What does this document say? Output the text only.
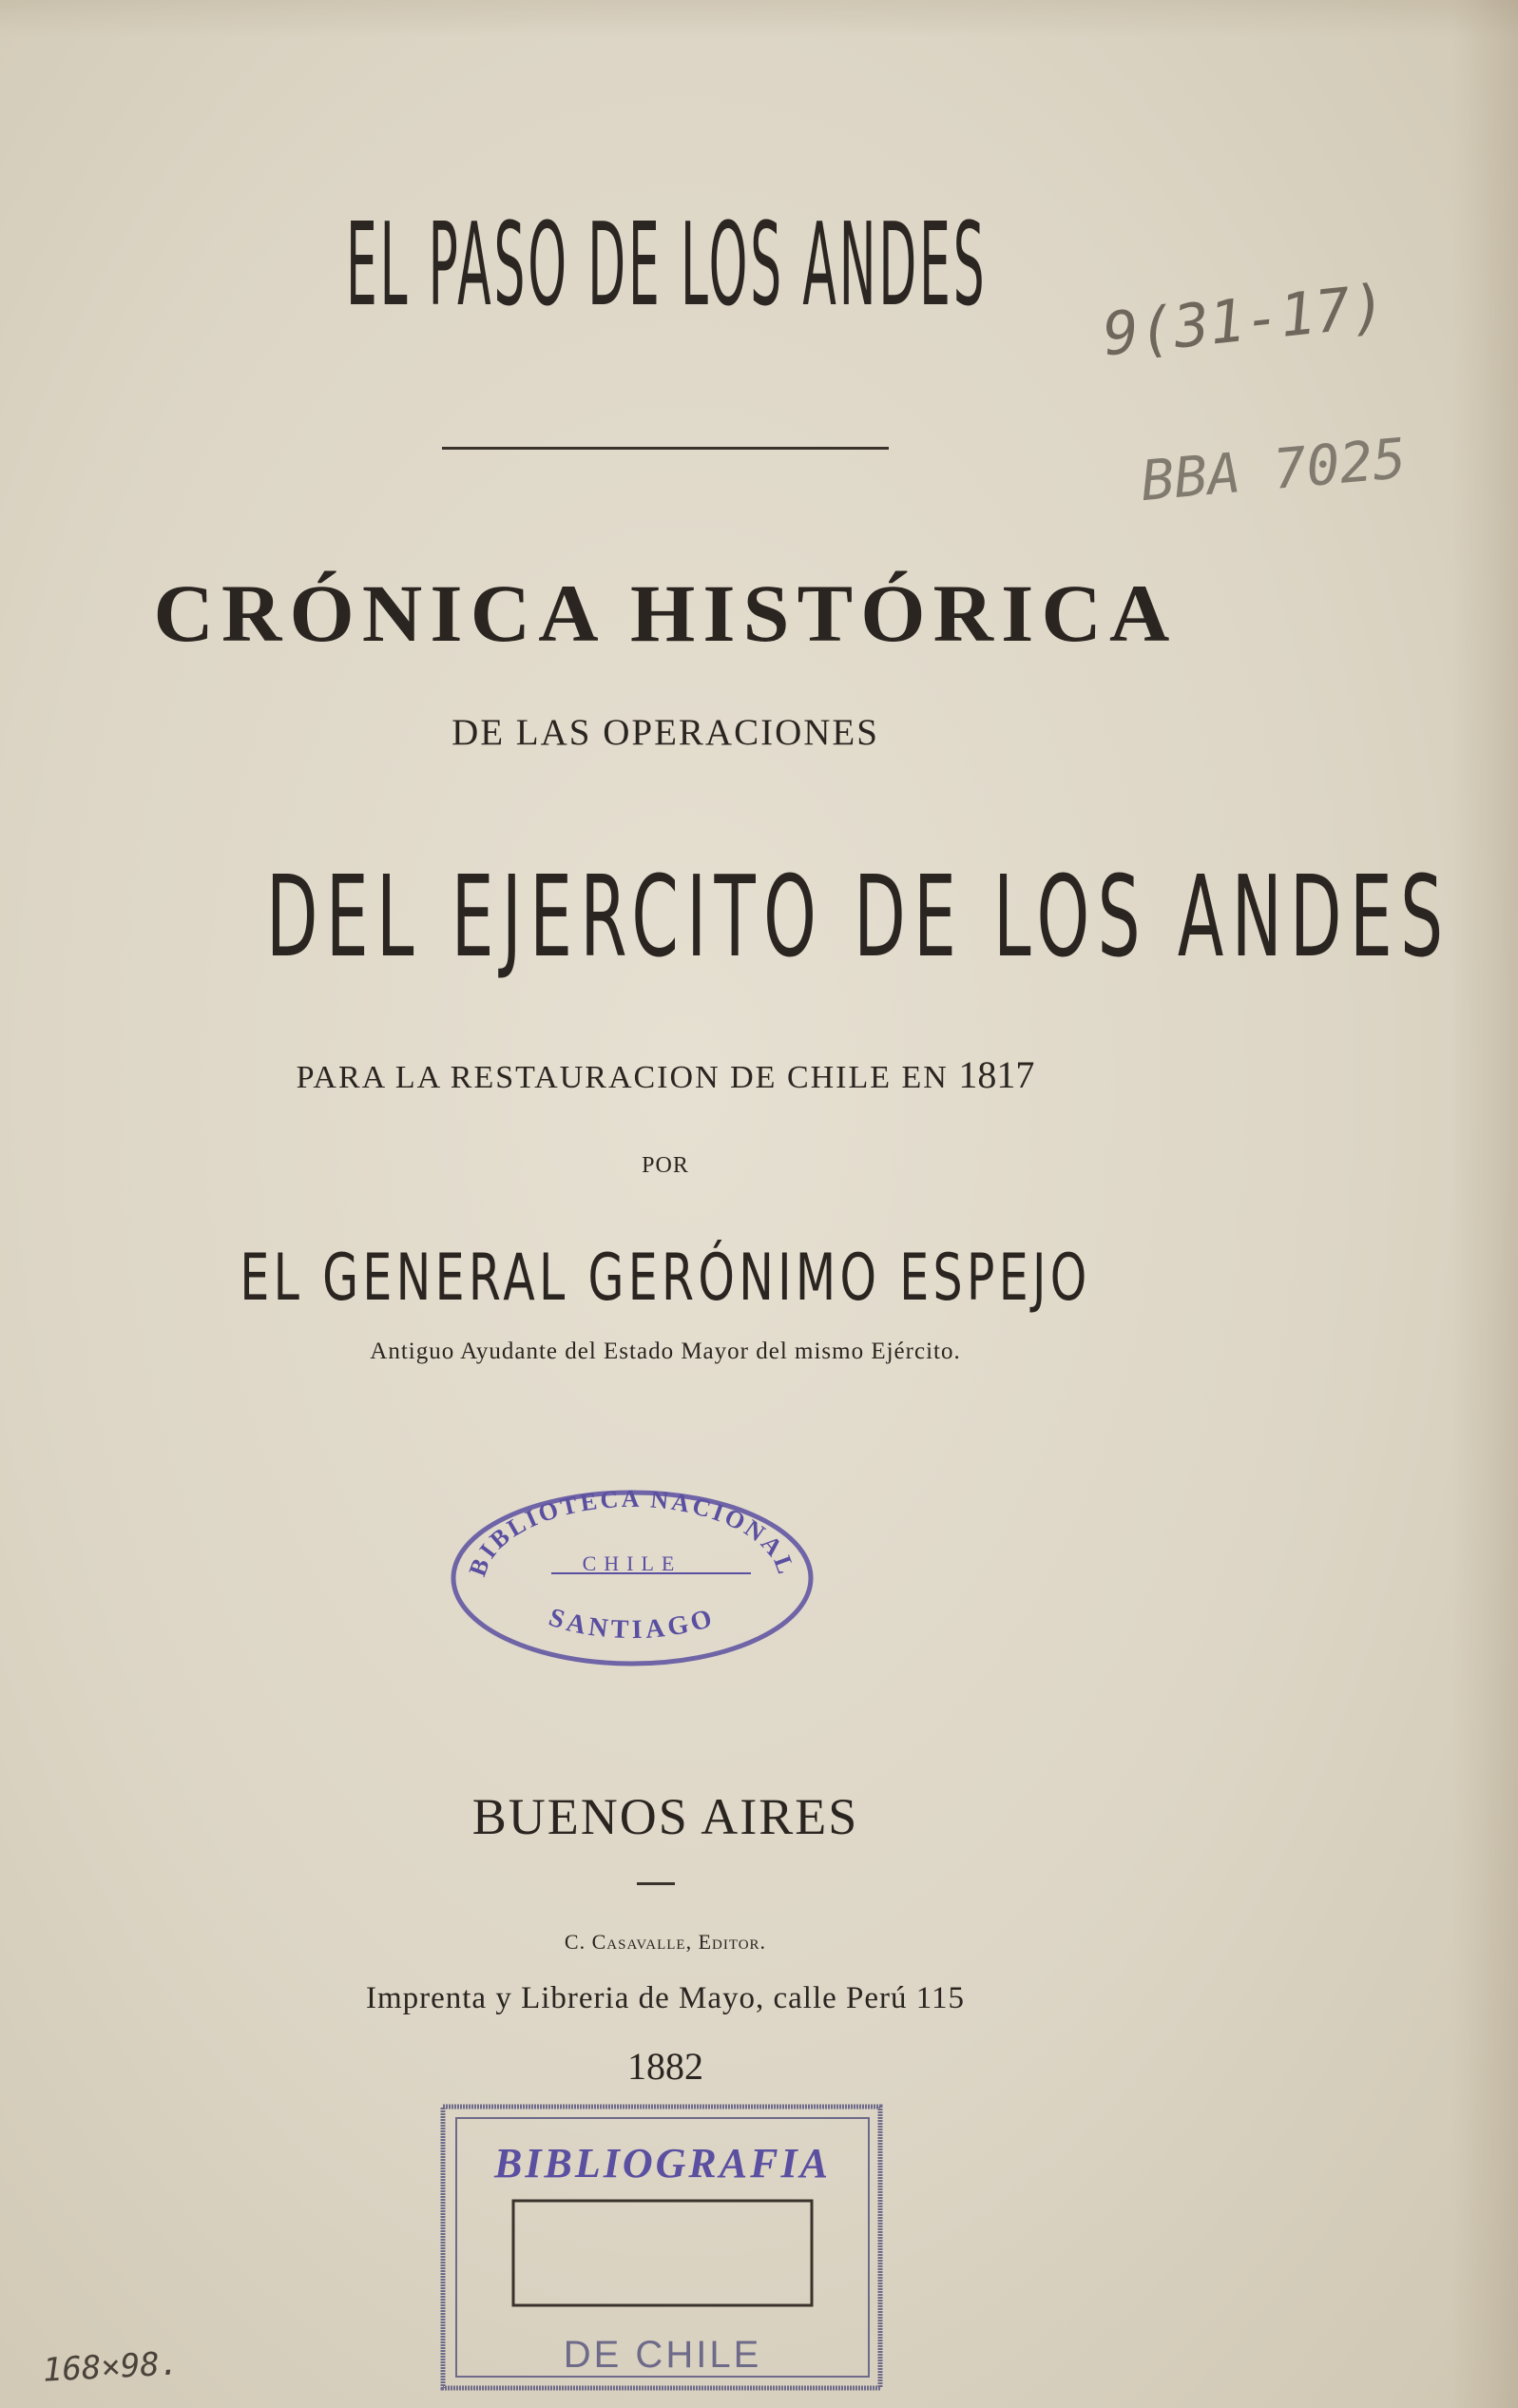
EL PASO DE LOS ANDES
CRÓNICA HISTÓRICA
DE LAS OPERACIONES
DEL EJERCITO DE LOS ANDES
PARA LA RESTAURACION DE CHILE EN 1817
POR
EL GENERAL GERÓNIMO ESPEJO
Antiguo Ayudante del Estado Mayor del mismo Ejército.
BIBLIOTECA NACIONAL
CHILE
SANTIAGO
BUENOS AIRES
C. Casavalle, Editor.
Imprenta y Libreria de Mayo, calle Perú 115
1882
BIBLIOGRAFIA
DE CHILE
9(31-17)
BBA 7025
168×98.
